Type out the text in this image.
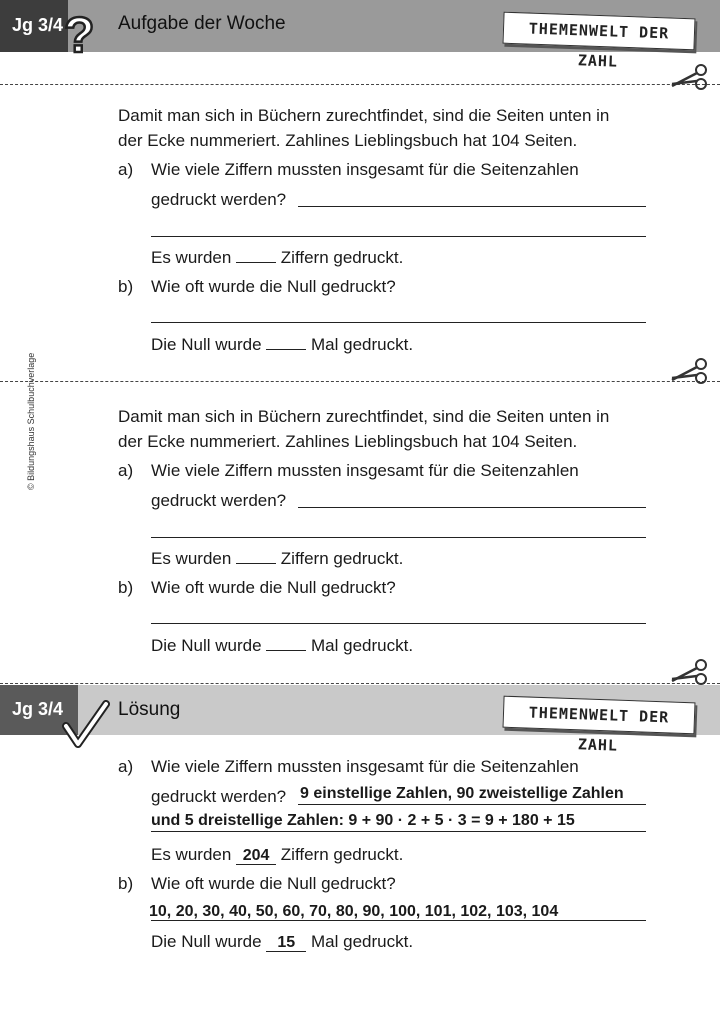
Jg 3/4	Aufgabe der Woche	THEMENWELT DER ZAHL
?
Damit man sich in Büchern zurechtfindet, sind die Seiten unten in
der Ecke nummeriert. Zahlines Lieblingsbuch hat 104 Seiten.
a) Wie viele Ziffern mussten insgesamt für die Seitenzahlen
gedruckt werden?
Es wurden	Ziffern gedruckt.
b) Wie oft wurde die Null gedruckt?
Die Null wurde	Mal gedruckt.
Damit man sich in Büchern zurechtfindet, sind die Seiten unten in
der Ecke nummeriert. Zahlines Lieblingsbuch hat 104 Seiten.
a) Wie viele Ziffern mussten insgesamt für die Seitenzahlen
gedruckt werden?
Es wurden	Ziffern gedruckt.
b) Wie oft wurde die Null gedruckt?
Die Null wurde	Mal gedruckt.
Jg 3/4	Lösung	THEMENWELT DER ZAHL
a) Wie viele Ziffern mussten insgesamt für die Seitenzahlen
gedruckt werden? 9 einstellige Zahlen, 90 zweistellige Zahlen
und 5 dreistellige Zahlen: 9 + 90 · 2 + 5 · 3 = 9 + 180 + 15
Es wurden 204 Ziffern gedruckt.
b) Wie oft wurde die Null gedruckt?
10, 20, 30, 40, 50, 60, 70, 80, 90, 100, 101, 102, 103, 104
Die Null wurde 15 Mal gedruckt.
© Bildungshaus Schulbuchverlage
